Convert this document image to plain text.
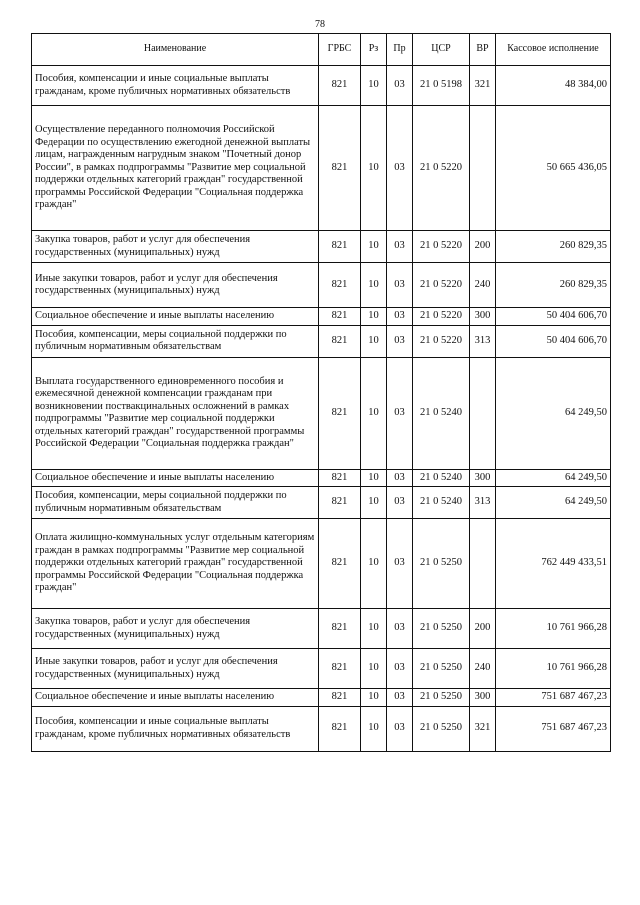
78
Наименование	ГРБС	Рз	Пр	ЦСР	ВР	Кассовое исполнение
Пособия, компенсации и иные социальные выплаты гражданам, кроме публичных нормативных обязательств	821	10	03	21 0 5198	321	48 384,00
Осуществление переданного полномочия Российской Федерации по осуществлению ежегодной денежной выплаты лицам, награжденным нагрудным знаком "Почетный донор России", в рамках подпрограммы "Развитие мер социальной поддержки отдельных категорий граждан" государственной программы Российской Федерации "Социальная поддержка граждан"	821	10	03	21 0 5220		50 665 436,05
Закупка товаров, работ и услуг для обеспечения государственных (муниципальных) нужд	821	10	03	21 0 5220	200	260 829,35
Иные закупки товаров, работ и услуг для обеспечения государственных (муниципальных) нужд	821	10	03	21 0 5220	240	260 829,35
Социальное обеспечение и иные выплаты населению	821	10	03	21 0 5220	300	50 404 606,70
Пособия, компенсации, меры социальной поддержки по публичным нормативным обязательствам	821	10	03	21 0 5220	313	50 404 606,70
Выплата государственного единовременного пособия и ежемесячной денежной компенсации гражданам при возникновении поствакцинальных осложнений в рамках подпрограммы "Развитие мер социальной поддержки отдельных категорий граждан" государственной программы Российской Федерации "Социальная поддержка граждан"	821	10	03	21 0 5240		64 249,50
Социальное обеспечение и иные выплаты населению	821	10	03	21 0 5240	300	64 249,50
Пособия, компенсации, меры социальной поддержки по публичным нормативным обязательствам	821	10	03	21 0 5240	313	64 249,50
Оплата жилищно-коммунальных услуг отдельным категориям граждан в рамках подпрограммы "Развитие мер социальной поддержки отдельных категорий граждан" государственной программы Российской Федерации "Социальная поддержка граждан"	821	10	03	21 0 5250		762 449 433,51
Закупка товаров, работ и услуг для обеспечения государственных (муниципальных) нужд	821	10	03	21 0 5250	200	10 761 966,28
Иные закупки товаров, работ и услуг для обеспечения государственных (муниципальных) нужд	821	10	03	21 0 5250	240	10 761 966,28
Социальное обеспечение и иные выплаты населению	821	10	03	21 0 5250	300	751 687 467,23
Пособия, компенсации и иные социальные выплаты гражданам, кроме публичных нормативных обязательств	821	10	03	21 0 5250	321	751 687 467,23
